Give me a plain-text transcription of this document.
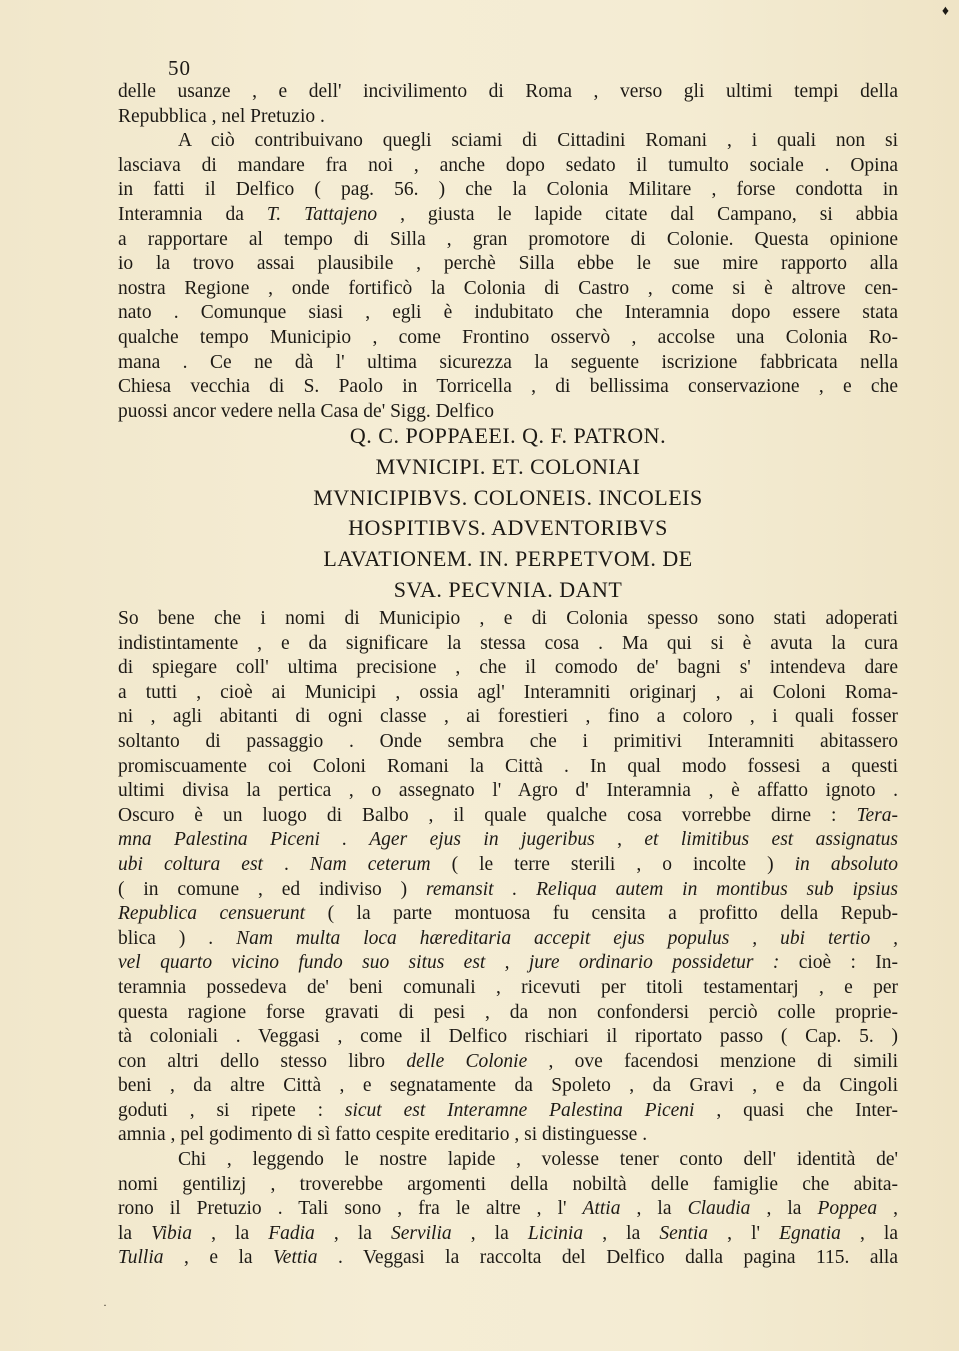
♦
50

delle usanze , e dell' incivilimento di Roma , verso gli ultimi tempi della

Repubblica , nel Pretuzio .

A ciò contribuivano quegli sciami di Cittadini Romani , i quali non si

lasciava di mandare fra noi , anche dopo sedato il tumulto sociale . Opina

in fatti il Delfico ( pag. 56. ) che la Colonia Militare , forse condotta in

Interamnia da T. Tattajeno , giusta le lapide citate dal Campano, si abbia

a rapportare al tempo di Silla , gran promotore di Colonie. Questa opinione

io la trovo assai plausibile , perchè Silla ebbe le sue mire rapporto alla

nostra Regione , onde fortificò la Colonia di Castro , come si è altrove cen-

nato . Comunque siasi , egli è indubitato che Interamnia dopo essere stata

qualche tempo Municipio , come Frontino osservò , accolse una Colonia Ro-

mana . Ce ne dà l' ultima sicurezza la seguente iscrizione fabbricata nella

Chiesa vecchia di S. Paolo in Torricella , di bellissima conservazione , e che

puossi ancor vedere nella Casa de' Sigg. Delfico

Q. C. POPPAEEI. Q. F. PATRON.
MVNICIPI. ET. COLONIAI
MVNICIPIBVS. COLONEIS. INCOLEIS
HOSPITIBVS. ADVENTORIBVS
LAVATIONEM. IN. PERPETVOM. DE
SVA. PECVNIA. DANT

So bene che i nomi di Municipio , e di Colonia spesso sono stati adoperati

indistintamente , e da significare la stessa cosa . Ma qui si è avuta la cura

di spiegare coll' ultima precisione , che il comodo de' bagni s' intendeva dare

a tutti , cioè ai Municipi , ossia agl' Interamniti originarj , ai Coloni Roma-

ni , agli abitanti di ogni classe , ai forestieri , fino a coloro , i quali fosser

soltanto di passaggio . Onde sembra che i primitivi Interamniti abitassero

promiscuamente coi Coloni Romani la Città . In qual modo fossesi a questi

ultimi divisa la pertica , o assegnato l' Agro d' Interamnia , è affatto ignoto .

Oscuro è un luogo di Balbo , il quale qualche cosa vorrebbe dirne : Tera-

mna Palestina Piceni . Ager ejus in jugeribus , et limitibus est assignatus

ubi coltura est . Nam ceterum ( le terre sterili , o incolte ) in absoluto

( in comune , ed indiviso ) remansit . Reliqua autem in montibus sub ipsius

Republica censuerunt ( la parte montuosa fu censita a profitto della Repub-

blica ) . Nam multa loca hæreditaria accepit ejus populus , ubi tertio ,

vel quarto vicino fundo suo situs est , jure ordinario possidetur : cioè : In-

teramnia possedeva de' beni comunali , ricevuti per titoli testamentarj , e per

questa ragione forse gravati di pesi , da non confondersi perciò colle proprie-

tà coloniali . Veggasi , come il Delfico rischiari il riportato passo ( Cap. 5. )

con altri dello stesso libro delle Colonie , ove facendosi menzione di simili

beni , da altre Città , e segnatamente da Spoleto , da Gravi , e da Cingoli

goduti , si ripete : sicut est Interamne Palestina Piceni , quasi che Inter-

amnia , pel godimento di sì fatto cespite ereditario , si distinguesse .

Chi , leggendo le nostre lapide , volesse tener conto dell' identità de'

nomi gentilizj , troverebbe argomenti della nobiltà delle famiglie che abita-

rono il Pretuzio . Tali sono , fra le altre , l' Attia , la Claudia , la Poppea ,

la Vibia , la Fadia , la Servilia , la Licinia , la Sentia , l' Egnatia , la

Tullia , e la Vettia . Veggasi la raccolta del Delfico dalla pagina 115. alla

·
